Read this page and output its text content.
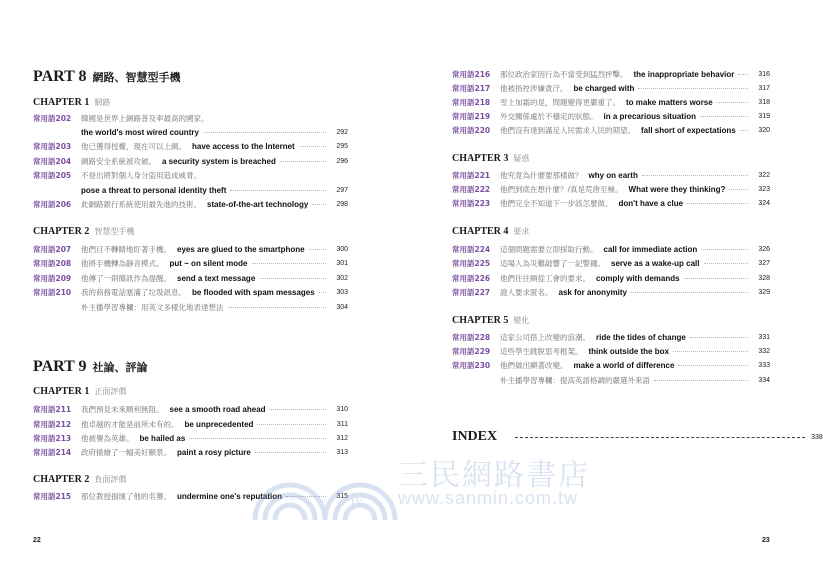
PART 8 網路、智慧型手機
CHAPTER 1 網路
常用語202	韓國是世界上網路普及率最高的國家。
the world's most wired country	292
常用語203	他已獲得授權，現在可以上網。 have access to the Internet	295
常用語204	網路安全系統被攻破。 a security system is breached	296
常用語205	不登出將對個人身分盜用造成威脅。
pose a threat to personal identity theft	297
常用語206	此網路銀行系統使用最先進的技術。 state-of-the-art technology	298
CHAPTER 2 智慧型手機
常用語207	他們目不轉睛地盯著手機。 eyes are glued to the smartphone	300
常用語208	他將手機轉為靜音模式。 put ~ on silent mode	301
常用語209	他傳了一則簡訊作為提醒。 send a text message	302
常用語210	我的商務電話塞滿了垃圾訊息。 be flooded with spam messages	303
朴主播學習專欄：用英文多樣化地表達想法	304
PART 9 社論、評論
CHAPTER 1 正面評價
常用語211	我們預見未來順利無阻。 see a smooth road ahead	310
常用語212	他卓越的才能是前所未有的。 be unprecedented	311
常用語213	他被譽為英雄。 be hailed as	312
常用語214	政府描繪了一幅美好願景。 paint a rosy picture	313
CHAPTER 2 負面評價
常用語215	那位教授損壞了他的名譽。 undermine one's reputation	315
22
常用語216	那位政治家因行為不當受到猛烈抨擊。 the inappropriate behavior	316
常用語217	他被指控涉嫌貪汙。 be charged with	317
常用語218	雪上加霜的是，問題變得更嚴重了。 to make matters worse	318
常用語219	外交關係處於不穩定的狀態。 in a precarious situation	319
常用語220	他們沒有達到滿足人民需求人民的期望。 fall short of expectations	320
CHAPTER 3 疑惑
常用語221	他究竟為什麼要那樣做？ why on earth	322
常用語222	他們到底在想什麼？/真是荒唐至極。 What were they thinking?	323
常用語223	他們完全不知道下一步該怎麼做。 don't have a clue	324
CHAPTER 4 要求
常用語224	這個問題需要立即採取行動。 call for immediate action	326
常用語225	這場人為災難敲響了一記警鐘。 serve as a wake-up call	327
常用語226	他們往往順從工會的要求。 comply with demands	328
常用語227	證人要求匿名。 ask for anonymity	329
CHAPTER 5 變化
常用語228	這家公司搭上改變的浪潮。 ride the tides of change	331
常用語229	這些學生跳脫思考框架。 think outside the box	332
常用語230	他們做出顯著改變。 make a world of difference	333
朴主播學習專欄：提高英語格調的嚴選外來語	334
INDEX	338
23
三	民
三民網路書店
www.sanmin.com.tw
